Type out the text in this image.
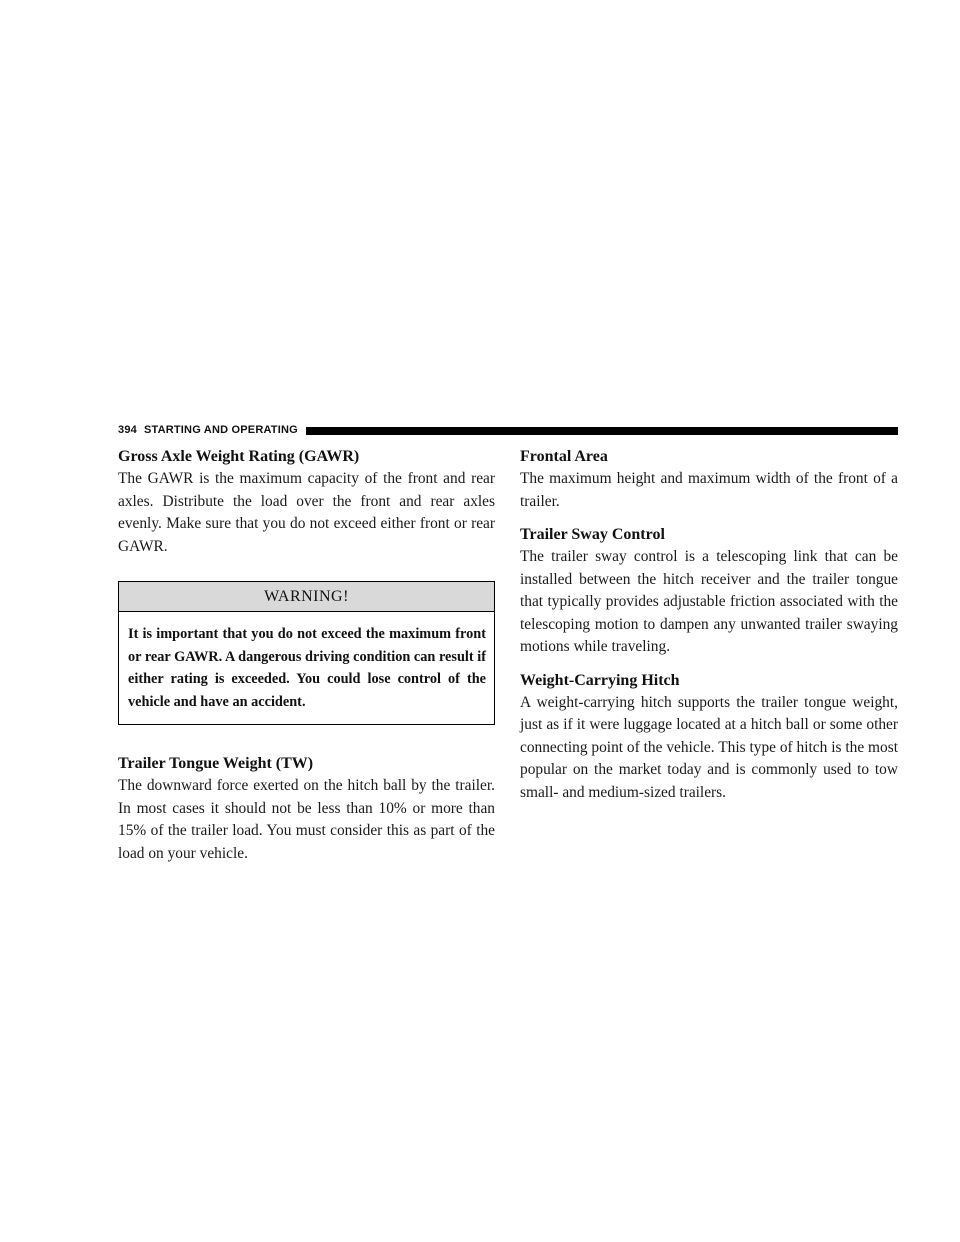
394 STARTING AND OPERATING
Gross Axle Weight Rating (GAWR)

The GAWR is the maximum capacity of the front and rear axles. Distribute the load over the front and rear axles evenly. Make sure that you do not exceed either front or rear GAWR.

WARNING!
It is important that you do not exceed the maximum front or rear GAWR. A dangerous driving condition can result if either rating is exceeded. You could lose control of the vehicle and have an accident.
Trailer Tongue Weight (TW)

The downward force exerted on the hitch ball by the trailer. In most cases it should not be less than 10% or more than 15% of the trailer load. You must consider this as part of the load on your vehicle.

Frontal Area

The maximum height and maximum width of the front of a trailer.

Trailer Sway Control

The trailer sway control is a telescoping link that can be installed between the hitch receiver and the trailer tongue that typically provides adjustable friction associated with the telescoping motion to dampen any unwanted trailer swaying motions while traveling.

Weight-Carrying Hitch

A weight-carrying hitch supports the trailer tongue weight, just as if it were luggage located at a hitch ball or some other connecting point of the vehicle. This type of hitch is the most popular on the market today and is commonly used to tow small- and medium-sized trailers.
